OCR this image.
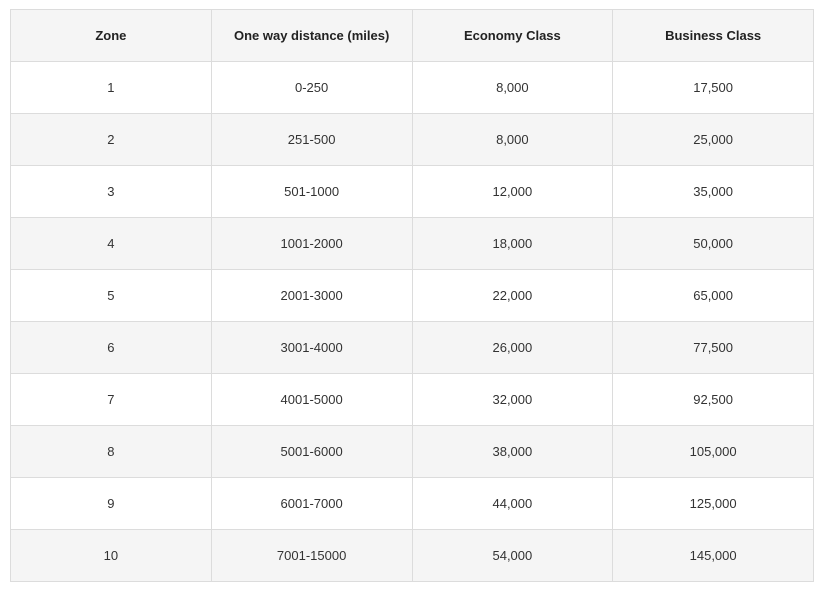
Zone	One way distance (miles)	Economy Class	Business Class
1	0-250	8,000	17,500
2	251-500	8,000	25,000
3	501-1000	12,000	35,000
4	1001-2000	18,000	50,000
5	2001-3000	22,000	65,000
6	3001-4000	26,000	77,500
7	4001-5000	32,000	92,500
8	5001-6000	38,000	105,000
9	6001-7000	44,000	125,000
10	7001-15000	54,000	145,000
